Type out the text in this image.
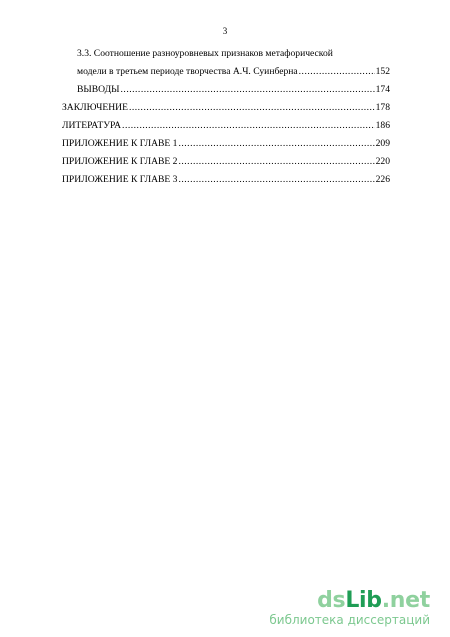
3
3.3. Соотношение разноуровневых признаков метафорической
модели в третьем периоде творчества А.Ч. Суинберна .....	152
ВЫВОДЫ .....	174
ЗАКЛЮЧЕНИЕ .....	178
ЛИТЕРАТУРА .....	186
ПРИЛОЖЕНИЕ К ГЛАВЕ 1 .....	209
ПРИЛОЖЕНИЕ К ГЛАВЕ 2 .....	220
ПРИЛОЖЕНИЕ К ГЛАВЕ 3 .....	226
dsLib.net
библиотека диссертаций
